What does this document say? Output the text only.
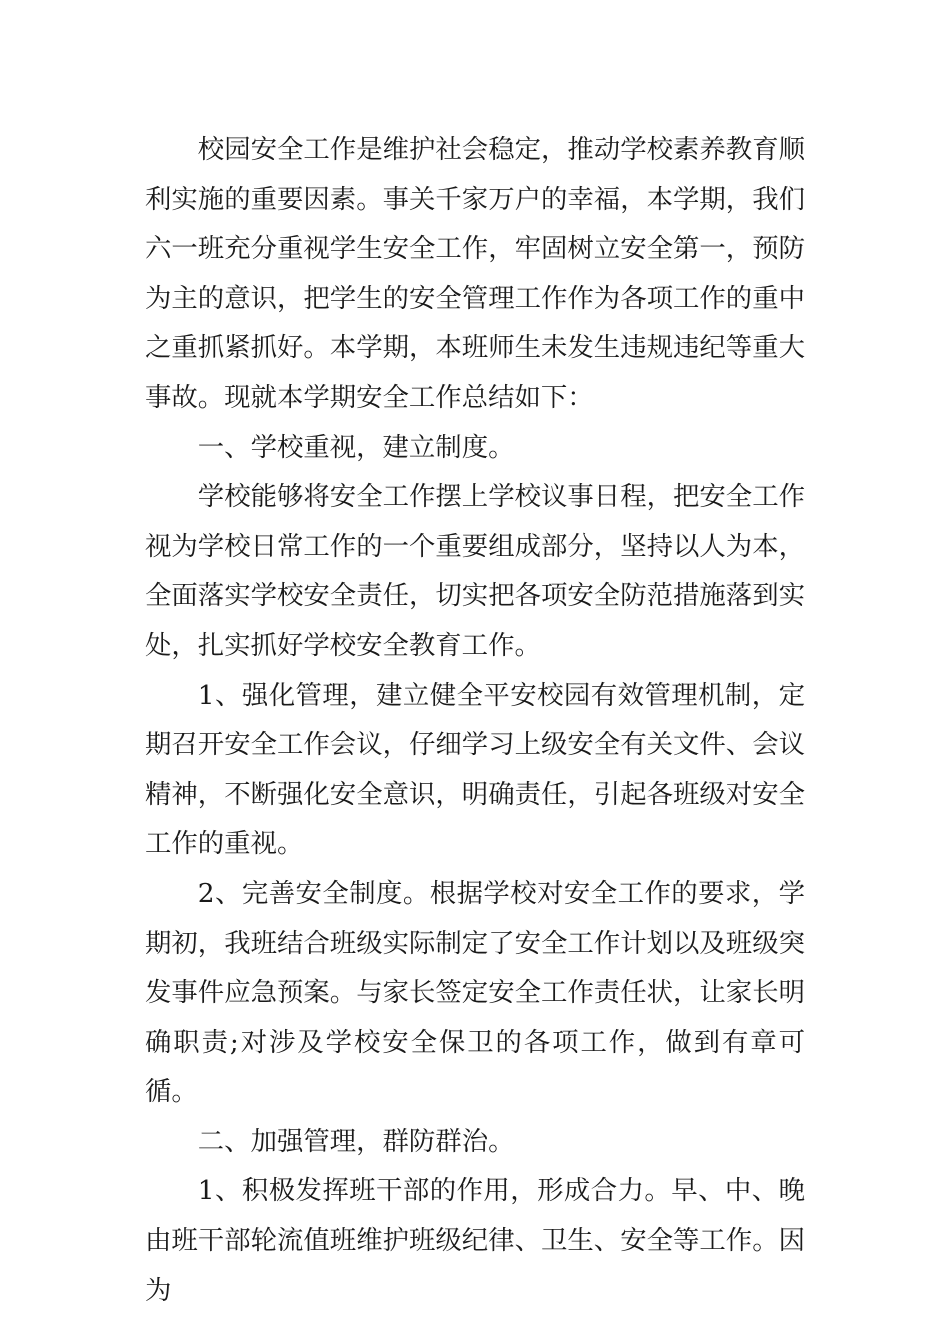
校园安全工作是维护社会稳定，推动学校素养教育顺利实施的重要因素。事关千家万户的幸福，本学期，我们六一班充分重视学生安全工作，牢固树立安全第一，预防为主的意识，把学生的安全管理工作作为各项工作的重中之重抓紧抓好。本学期，本班师生未发生违规违纪等重大事故。现就本学期安全工作总结如下：

一、学校重视，建立制度。

学校能够将安全工作摆上学校议事日程，把安全工作视为学校日常工作的一个重要组成部分，坚持以人为本，全面落实学校安全责任，切实把各项安全防范措施落到实处，扎实抓好学校安全教育工作。

1、强化管理，建立健全平安校园有效管理机制，定期召开安全工作会议，仔细学习上级安全有关文件、会议精神，不断强化安全意识，明确责任，引起各班级对安全工作的重视。

2、完善安全制度。根据学校对安全工作的要求，学期初，我班结合班级实际制定了安全工作计划以及班级突发事件应急预案。与家长签定安全工作责任状，让家长明确职责;对涉及学校安全保卫的各项工作，做到有章可循。

二、加强管理，群防群治。

1、积极发挥班干部的作用，形成合力。早、中、晚由班干部轮流值班维护班级纪律、卫生、安全等工作。因为
